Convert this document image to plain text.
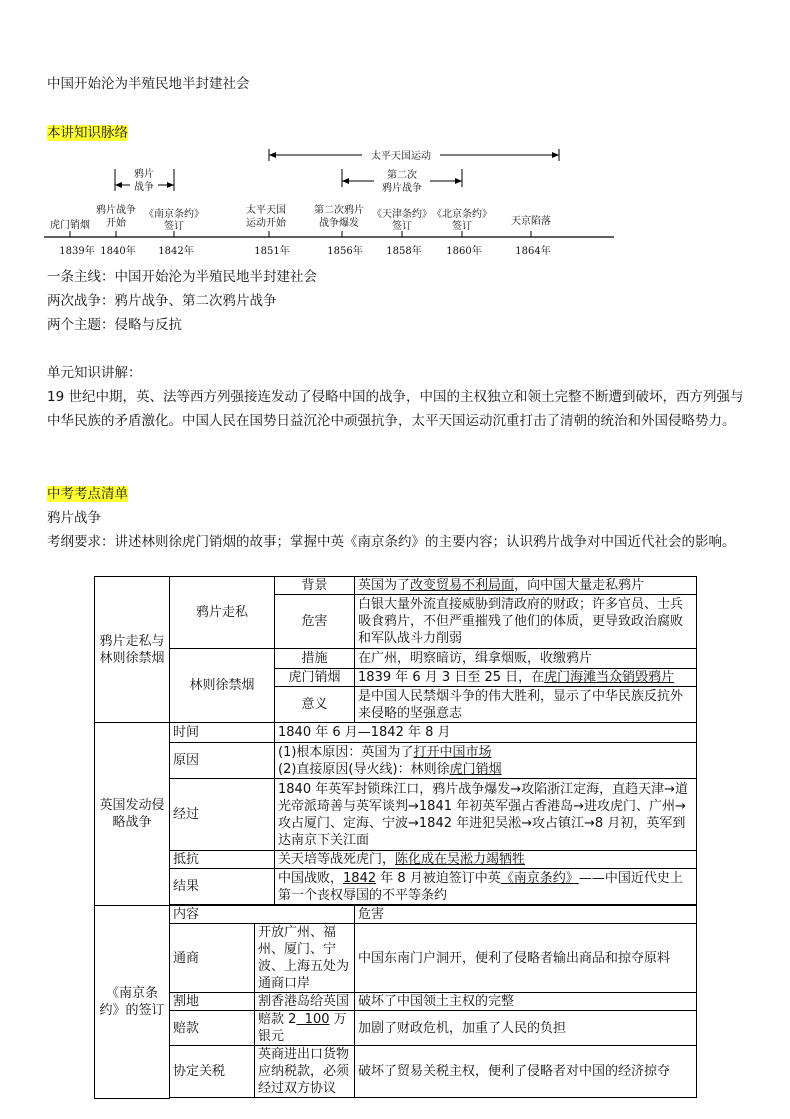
中国开始沦为半殖民地半封建社会
本讲知识脉络
太平天国运动
鸦片
战争
第二次
鸦片战争
虎门销烟
鸦片战争
开始
《南京条约》
签订
太平天国
运动开始
第二次鸦片
战争爆发
《天津条约》
签订
《北京条约》
签订	天京陷落
1839年 1840年 1842年	1851年	1856年 1858年 1860年	1864年
一条主线：中国开始沦为半殖民地半封建社会
两次战争：鸦片战争、第二次鸦片战争
两个主题：侵略与反抗
单元知识讲解：
19 世纪中期，英、法等西方列强接连发动了侵略中国的战争，中国的主权独立和领土完整不断遭到破坏，西方列强与中华民族的矛盾激化。中国人民在国势日益沉沦中顽强抗争，太平天国运动沉重打击了清朝的统治和外国侵略势力。
中考考点清单
鸦片战争
考纲要求：讲述林则徐虎门销烟的故事；掌握中英《南京条约》的主要内容；认识鸦片战争对中国近代社会的影响。
鸦片走私与林则徐禁烟	鸦片走私		背景	英国为了改变贸易不利局面，向中国大量走私鸦片
			危害	白银大量外流直接威胁到清政府的财政；许多官员、士兵吸食鸦片，不但严重摧残了他们的体质，更导致政治腐败和军队战斗力削弱
	林则徐禁烟		措施	在广州，明察暗访，缉拿烟贩，收缴鸦片
			虎门销烟	1839 年 6 月 3 日至 25 日，在虎门海滩当众销毁鸦片
			意义	是中国人民禁烟斗争的伟大胜利，显示了中华民族反抗外来侵略的坚强意志
英国发动侵略战争	时间		1840 年 6 月—1842 年 8 月	
	原因		(1)根本原因：英国为了打开中国市场
(2)直接原因(导火线)：林则徐虎门销烟	

	经过		1840 年英军封锁珠江口，鸦片战争爆发→攻陷浙江定海，直趋天津→道光帝派琦善与英军谈判→1841 年初英军强占香港岛→进攻虎门、广州→攻占厦门、定海、宁波→1842 年进犯吴淞→攻占镇江→8 月初，英军到达南京下关江面	
	抵抗		关天培等战死虎门，陈化成在吴淞力竭牺牲	
	结果		中国战败，1842 年 8 月被迫签订中英《南京条约》——中国近代史上第一个丧权辱国的不平等条约	

《南京条约》的签订	内容			危害
	通商	开放广州、福州、厦门、宁波、上海五处为通商口岸		中国东南门户洞开，便利了侵略者输出商品和掠夺原料
	割地	割香港岛给英国		破坏了中国领土主权的完整
	赔款	赔款 2  100 万银元		加剧了财政危机，加重了人民的负担
	协定关税	英商进出口货物应纳税款，必须经过双方协议		破坏了贸易关税主权，便利了侵略者对中国的经济掠夺
